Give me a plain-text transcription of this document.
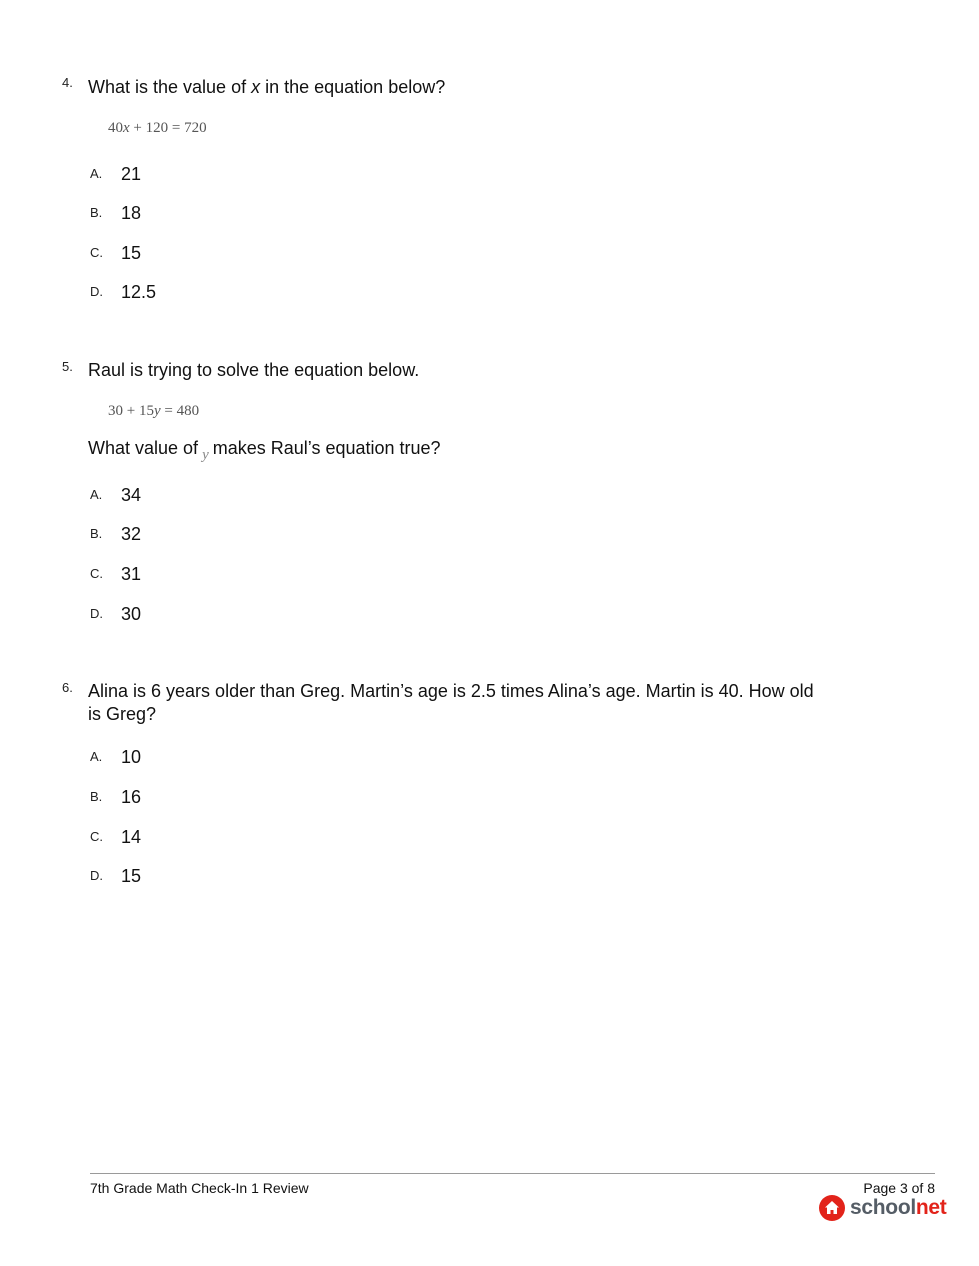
4. What is the value of x in the equation below?
40x + 120 = 720
A. 21
B. 18
C. 15
D. 12.5
5. Raul is trying to solve the equation below.
30 + 15y = 480
What value of $_y$ makes Raul’s equation true?
A. 34
B. 32
C. 31
D. 30
6. Alina is 6 years older than Greg. Martin’s age is 2.5 times Alina’s age. Martin is 40. How old is Greg?
A. 10
B. 16
C. 14
D. 15
7th Grade Math Check-In 1 Review	Page 3 of 8
schoolnet
